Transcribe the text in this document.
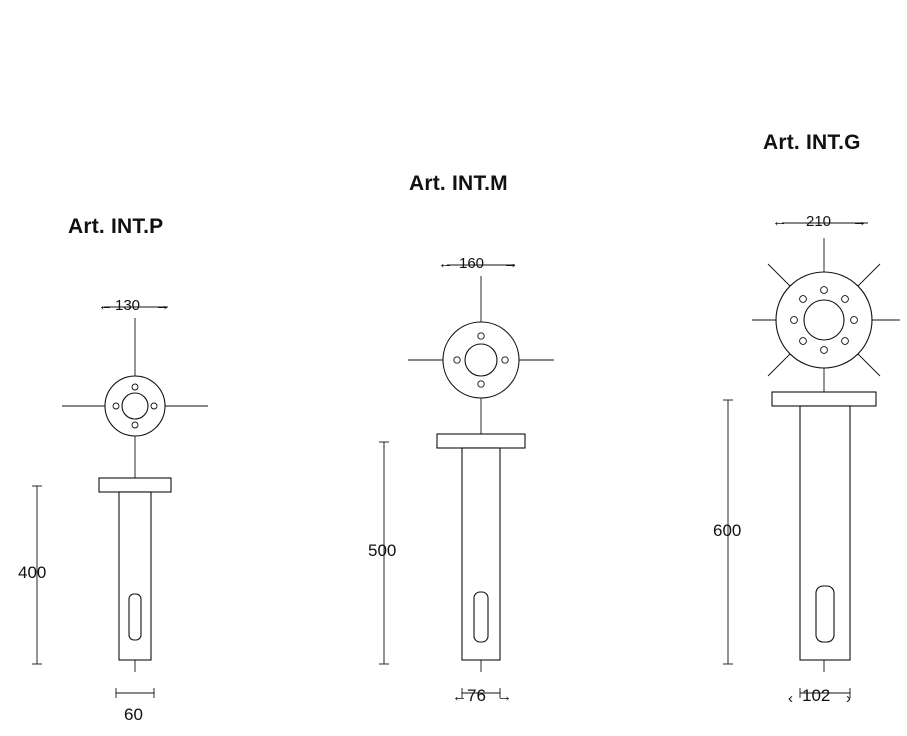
Art. INT.P
Art. INT.M
Art. INT.G
← 130 →
400
60
← 160 →
500
← 76 →
← 210 →
600
‹ 102 ›
